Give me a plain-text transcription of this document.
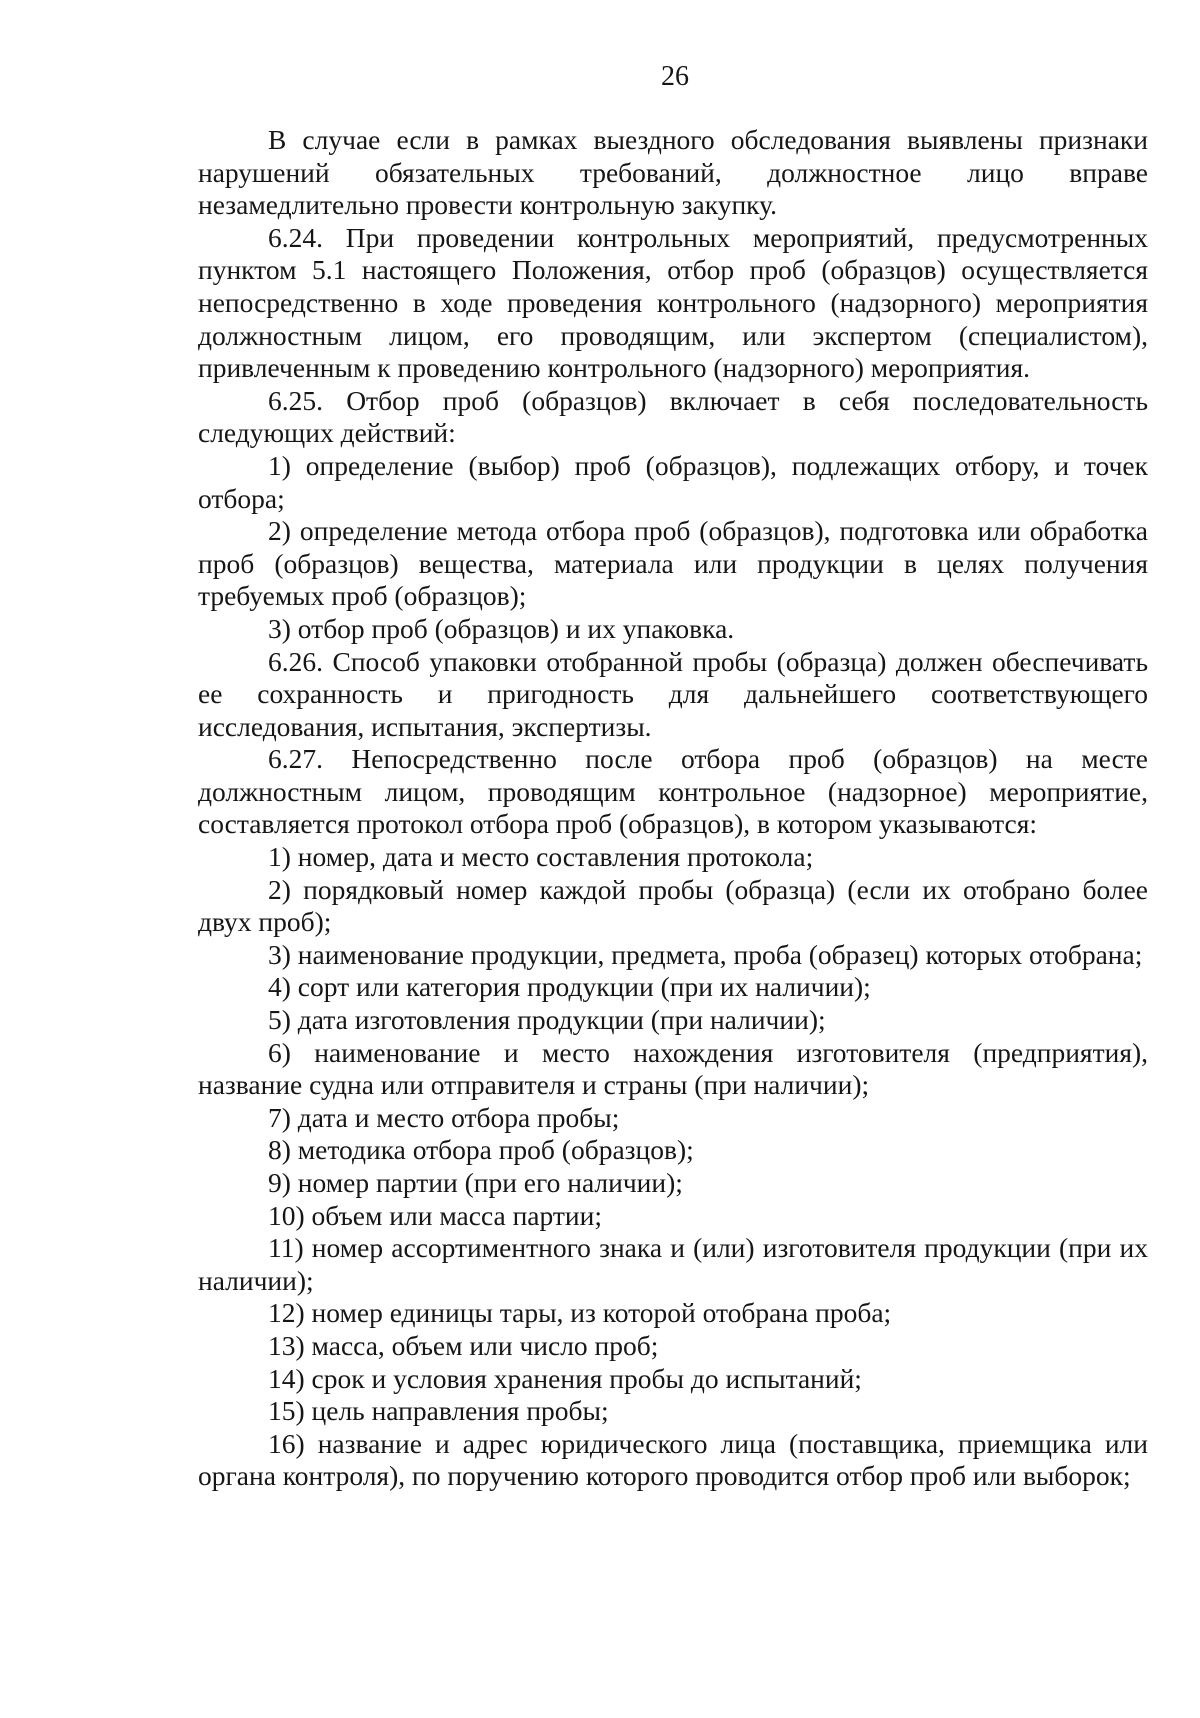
26

В случае если в рамках выездного обследования выявлены признаки нарушений обязательных требований, должностное лицо вправе незамедлительно провести контрольную закупку.

6.24. При проведении контрольных мероприятий, предусмотренных пунктом 5.1 настоящего Положения, отбор проб (образцов) осуществляется непосредственно в ходе проведения контрольного (надзорного) мероприятия должностным лицом, его проводящим, или экспертом (специалистом), привлеченным к проведению контрольного (надзорного) мероприятия.

6.25. Отбор проб (образцов) включает в себя последовательность следующих действий:

1) определение (выбор) проб (образцов), подлежащих отбору, и точек отбора;

2) определение метода отбора проб (образцов), подготовка или обработка проб (образцов) вещества, материала или продукции в целях получения требуемых проб (образцов);

3) отбор проб (образцов) и их упаковка.

6.26. Способ упаковки отобранной пробы (образца) должен обеспечивать ее сохранность и пригодность для дальнейшего соответствующего исследования, испытания, экспертизы.

6.27. Непосредственно после отбора проб (образцов) на месте должностным лицом, проводящим контрольное (надзорное) мероприятие, составляется протокол отбора проб (образцов), в котором указываются:

1) номер, дата и место составления протокола;

2) порядковый номер каждой пробы (образца) (если их отобрано более двух проб);

3) наименование продукции, предмета, проба (образец) которых отобрана;

4) сорт или категория продукции (при их наличии);

5) дата изготовления продукции (при наличии);

6) наименование и место нахождения изготовителя (предприятия), название судна или отправителя и страны (при наличии);

7) дата и место отбора пробы;

8) методика отбора проб (образцов);

9) номер партии (при его наличии);

10) объем или масса партии;

11) номер ассортиментного знака и (или) изготовителя продукции (при их наличии);

12) номер единицы тары, из которой отобрана проба;

13) масса, объем или число проб;

14) срок и условия хранения пробы до испытаний;

15) цель направления пробы;

16) название и адрес юридического лица (поставщика, приемщика или органа контроля), по поручению которого проводится отбор проб или выборок;
